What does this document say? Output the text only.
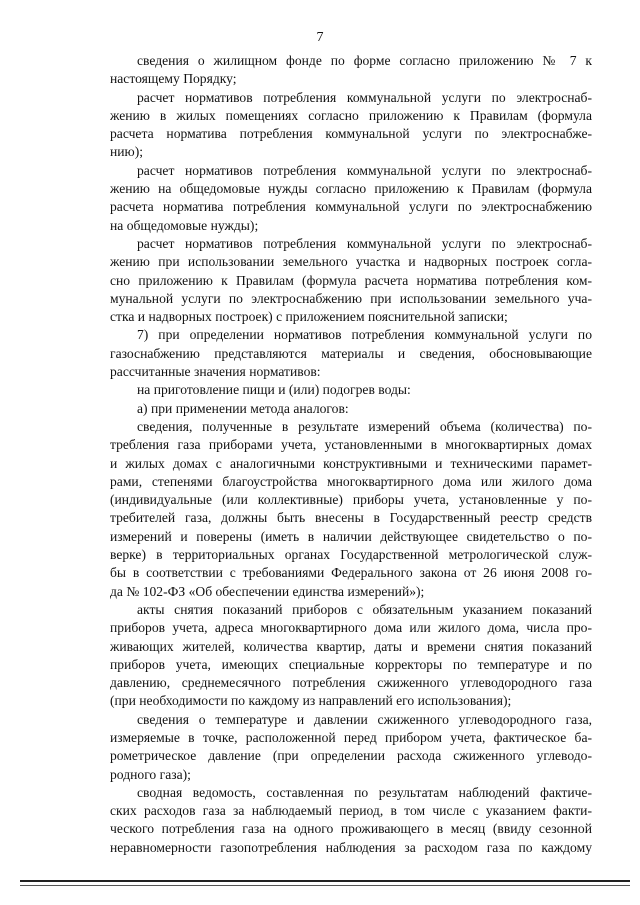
7
сведения о жилищном фонде по форме согласно приложению № 7 к
настоящему Порядку;
расчет нормативов потребления коммунальной услуги по электроснаб-
жению в жилых помещениях согласно приложению к Правилам (формула
расчета норматива потребления коммунальной услуги по электроснабже-
нию);
расчет нормативов потребления коммунальной услуги по электроснаб-
жению на общедомовые нужды согласно приложению к Правилам (формула
расчета норматива потребления коммунальной услуги по электроснабжению
на общедомовые нужды);
расчет нормативов потребления коммунальной услуги по электроснаб-
жению при использовании земельного участка и надворных построек согла-
сно приложению к Правилам (формула расчета норматива потребления ком-
мунальной услуги по электроснабжению при использовании земельного уча-
стка и надворных построек) с приложением пояснительной записки;
7) при определении нормативов потребления коммунальной услуги по
газоснабжению представляются материалы и сведения, обосновывающие
рассчитанные значения нормативов:
на приготовление пищи и (или) подогрев воды:
а) при применении метода аналогов:
сведения, полученные в результате измерений объема (количества) по-
требления газа приборами учета, установленными в многоквартирных домах
и жилых домах с аналогичными конструктивными и техническими парамет-
рами, степенями благоустройства многоквартирного дома или жилого дома
(индивидуальные (или коллективные) приборы учета, установленные у по-
требителей газа, должны быть внесены в Государственный реестр средств
измерений и поверены (иметь в наличии действующее свидетельство о по-
верке) в территориальных органах Государственной метрологической служ-
бы в соответствии с требованиями Федерального закона от 26 июня 2008 го-
да № 102-ФЗ «Об обеспечении единства измерений»);
акты снятия показаний приборов с обязательным указанием показаний
приборов учета, адреса многоквартирного дома или жилого дома, числа про-
живающих жителей, количества квартир, даты и времени снятия показаний
приборов учета, имеющих специальные корректоры по температуре и по
давлению, среднемесячного потребления сжиженного углеводородного газа
(при необходимости по каждому из направлений его использования);
сведения о температуре и давлении сжиженного углеводородного газа,
измеряемые в точке, расположенной перед прибором учета, фактическое ба-
рометрическое давление (при определении расхода сжиженного углеводо-
родного газа);
сводная ведомость, составленная по результатам наблюдений фактиче-
ских расходов газа за наблюдаемый период, в том числе с указанием факти-
ческого потребления газа на одного проживающего в месяц (ввиду сезонной
неравномерности газопотребления наблюдения за расходом газа по каждому
